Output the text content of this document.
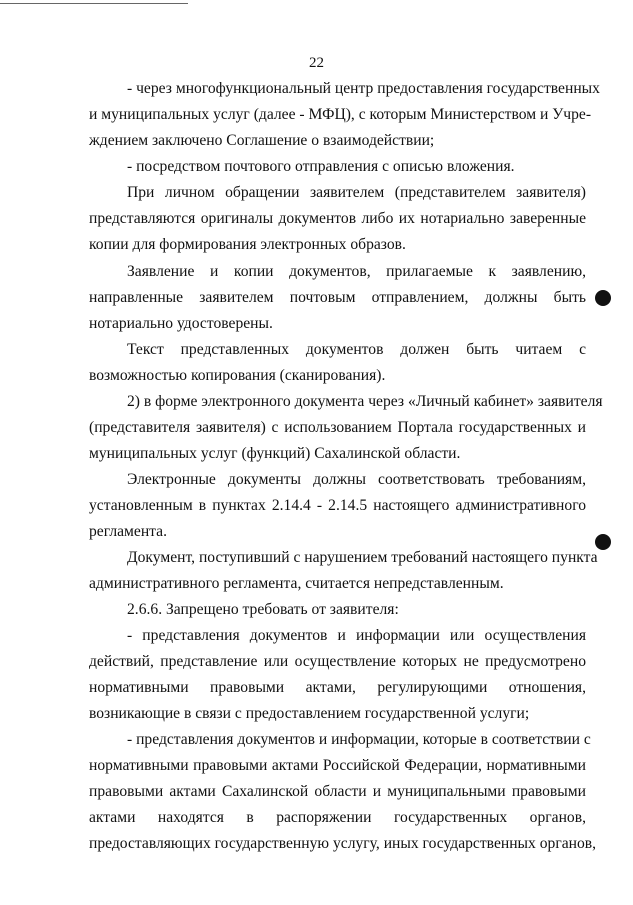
22
- через многофункциональный центр предоставления государственных
и муниципальных услуг (далее - МФЦ), с которым Министерством и Учре-
ждением заключено Соглашение о взаимодействии;
- посредством почтового отправления с описью вложения.
При личном обращении заявителем (представителем заявителя)
представляются оригиналы документов либо их нотариально заверенные
копии для формирования электронных образов.
Заявление и копии документов, прилагаемые к заявлению,
направленные заявителем почтовым отправлением, должны быть
нотариально удостоверены.
Текст представленных документов должен быть читаем с
возможностью копирования (сканирования).
2) в форме электронного документа через «Личный кабинет» заявителя
(представителя заявителя) с использованием Портала государственных и
муниципальных услуг (функций) Сахалинской области.
Электронные документы должны соответствовать требованиям,
установленным в пунктах 2.14.4 - 2.14.5 настоящего административного
регламента.
Документ, поступивший с нарушением требований настоящего пункта
административного регламента, считается непредставленным.
2.6.6. Запрещено требовать от заявителя:
- представления документов и информации или осуществления
действий, представление или осуществление которых не предусмотрено
нормативными правовыми актами, регулирующими отношения,
возникающие в связи с предоставлением государственной услуги;
- представления документов и информации, которые в соответствии с
нормативными правовыми актами Российской Федерации, нормативными
правовыми актами Сахалинской области и муниципальными правовыми
актами находятся в распоряжении государственных органов,
предоставляющих государственную услугу, иных государственных органов,
